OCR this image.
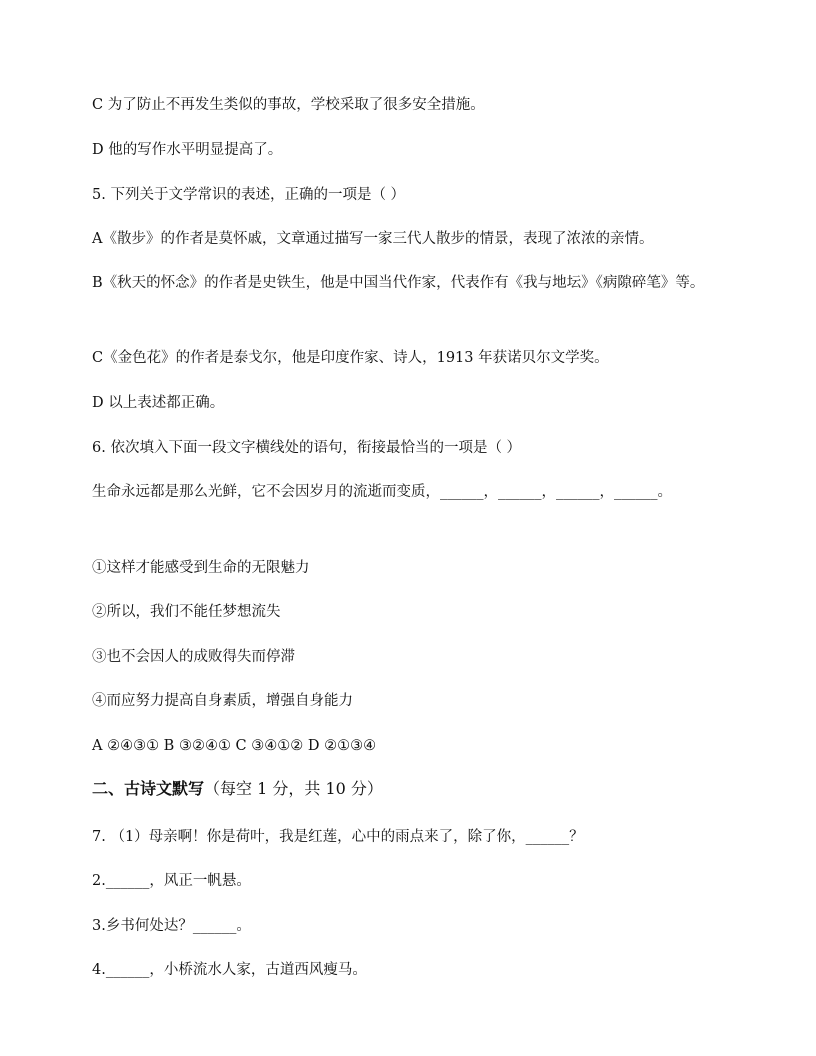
C 为了防止不再发生类似的事故，学校采取了很多安全措施。
D 他的写作水平明显提高了。
5. 下列关于文学常识的表述，正确的一项是（ ）
A《散步》的作者是莫怀戚，文章通过描写一家三代人散步的情景，表现了浓浓的亲情。
B《秋天的怀念》的作者是史铁生，他是中国当代作家，代表作有《我与地坛》《病隙碎笔》等。
C《金色花》的作者是泰戈尔，他是印度作家、诗人，1913 年获诺贝尔文学奖。
D 以上表述都正确。
6. 依次填入下面一段文字横线处的语句，衔接最恰当的一项是（ ）
生命永远都是那么光鲜，它不会因岁月的流逝而变质，______，______，______，______。
①这样才能感受到生命的无限魅力
②所以，我们不能任梦想流失
③也不会因人的成败得失而停滞
④而应努力提高自身素质，增强自身能力
A ②④③① B ③②④① C ③④①② D ②①③④
二、古诗文默写（每空 1 分，共 10 分）
7. （1）母亲啊！你是荷叶，我是红莲，心中的雨点来了，除了你，______？
2.______，风正一帆悬。
3.乡书何处达？______。
4.______，小桥流水人家，古道西风瘦马。
